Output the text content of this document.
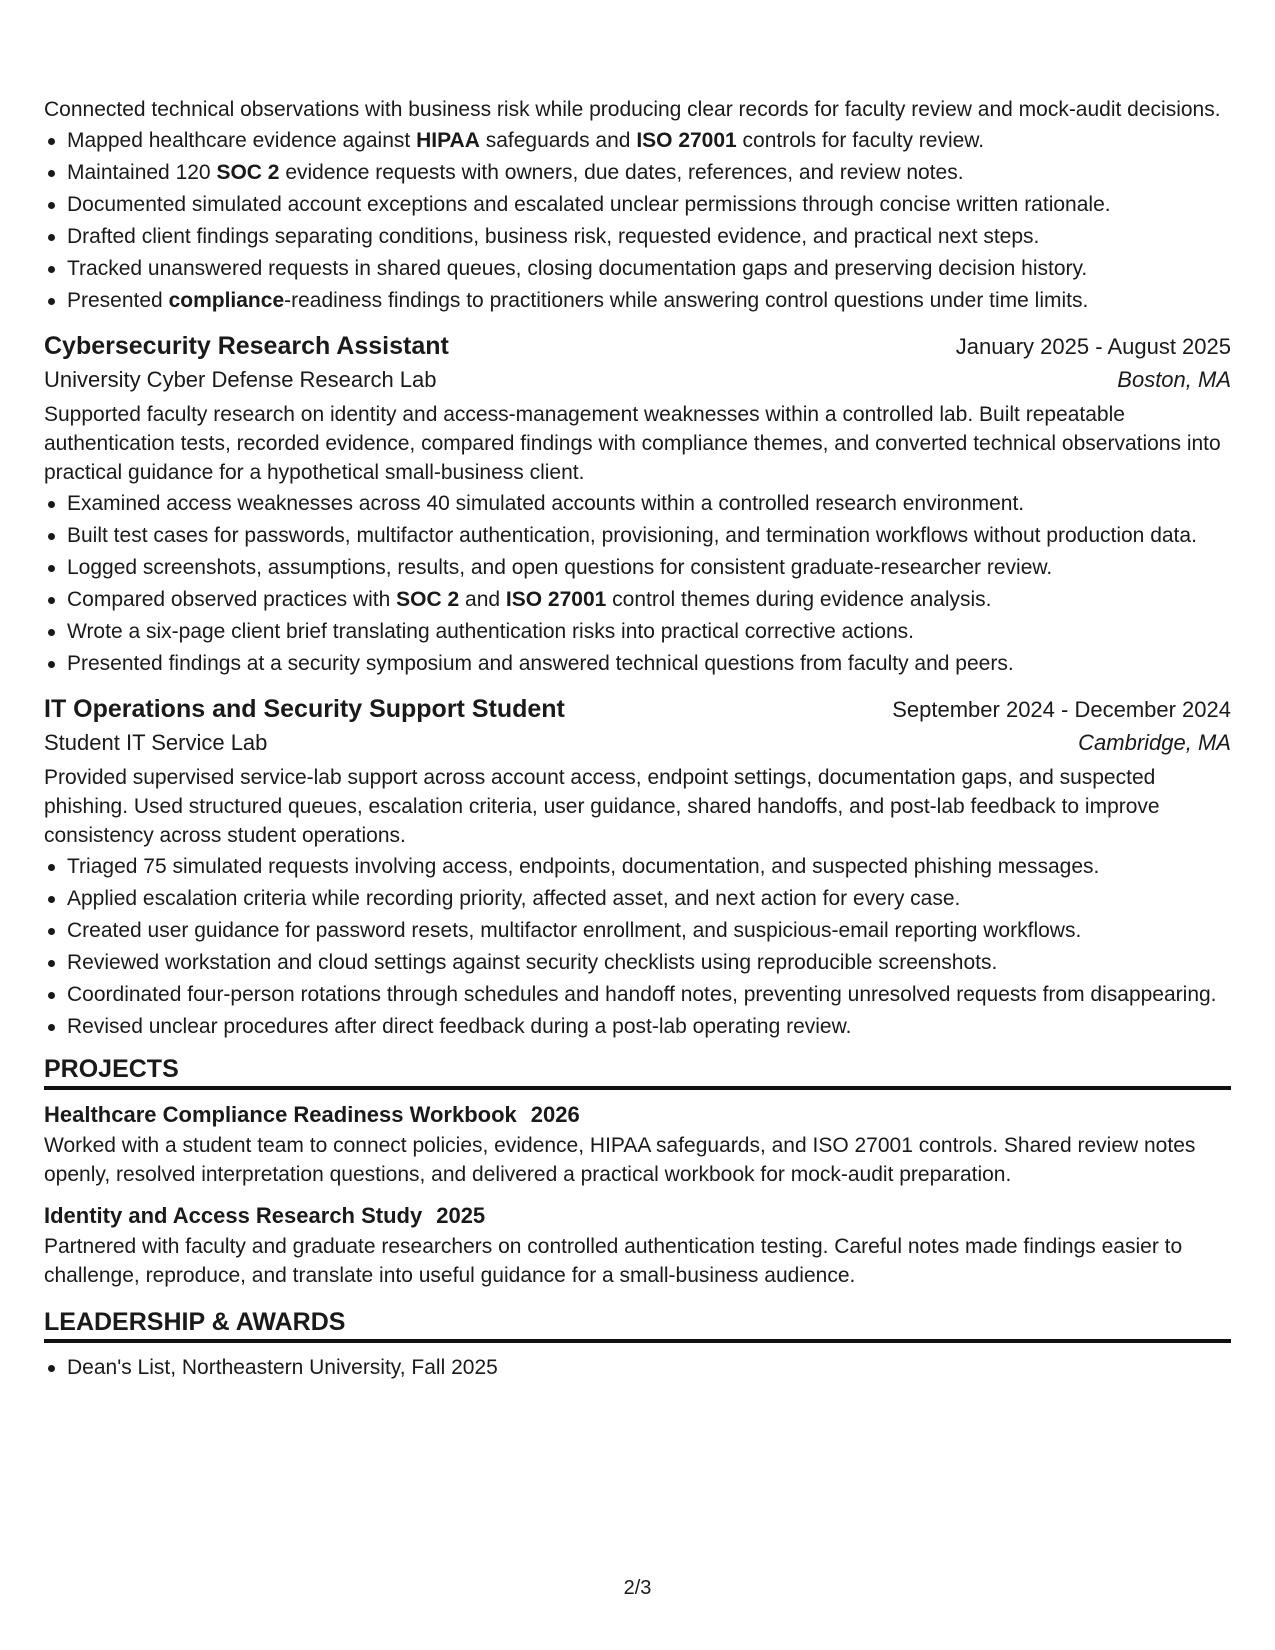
Connected technical observations with business risk while producing clear records for faculty review and mock-audit decisions.

Mapped healthcare evidence against HIPAA safeguards and ISO 27001 controls for faculty review.
Maintained 120 SOC 2 evidence requests with owners, due dates, references, and review notes.
Documented simulated account exceptions and escalated unclear permissions through concise written rationale.
Drafted client findings separating conditions, business risk, requested evidence, and practical next steps.
Tracked unanswered requests in shared queues, closing documentation gaps and preserving decision history.
Presented compliance-readiness findings to practitioners while answering control questions under time limits.
Cybersecurity Research Assistant	January 2025 - August 2025
University Cyber Defense Research Lab	Boston, MA

Supported faculty research on identity and access-management weaknesses within a controlled lab. Built repeatable authentication tests, recorded evidence, compared findings with compliance themes, and converted technical observations into practical guidance for a hypothetical small-business client.

Examined access weaknesses across 40 simulated accounts within a controlled research environment.
Built test cases for passwords, multifactor authentication, provisioning, and termination workflows without production data.
Logged screenshots, assumptions, results, and open questions for consistent graduate-researcher review.
Compared observed practices with SOC 2 and ISO 27001 control themes during evidence analysis.
Wrote a six-page client brief translating authentication risks into practical corrective actions.
Presented findings at a security symposium and answered technical questions from faculty and peers.
IT Operations and Security Support Student	September 2024 - December 2024
Student IT Service Lab	Cambridge, MA

Provided supervised service-lab support across account access, endpoint settings, documentation gaps, and suspected phishing. Used structured queues, escalation criteria, user guidance, shared handoffs, and post-lab feedback to improve consistency across student operations.

Triaged 75 simulated requests involving access, endpoints, documentation, and suspected phishing messages.
Applied escalation criteria while recording priority, affected asset, and next action for every case.
Created user guidance for password resets, multifactor enrollment, and suspicious-email reporting workflows.
Reviewed workstation and cloud settings against security checklists using reproducible screenshots.
Coordinated four-person rotations through schedules and handoff notes, preventing unresolved requests from disappearing.
Revised unclear procedures after direct feedback during a post-lab operating review.
PROJECTS
Healthcare Compliance Readiness Workbook 2026

Worked with a student team to connect policies, evidence, HIPAA safeguards, and ISO 27001 controls. Shared review notes openly, resolved interpretation questions, and delivered a practical workbook for mock-audit preparation.

Identity and Access Research Study 2025

Partnered with faculty and graduate researchers on controlled authentication testing. Careful notes made findings easier to challenge, reproduce, and translate into useful guidance for a small-business audience.

LEADERSHIP & AWARDS
Dean's List, Northeastern University, Fall 2025
2/3
